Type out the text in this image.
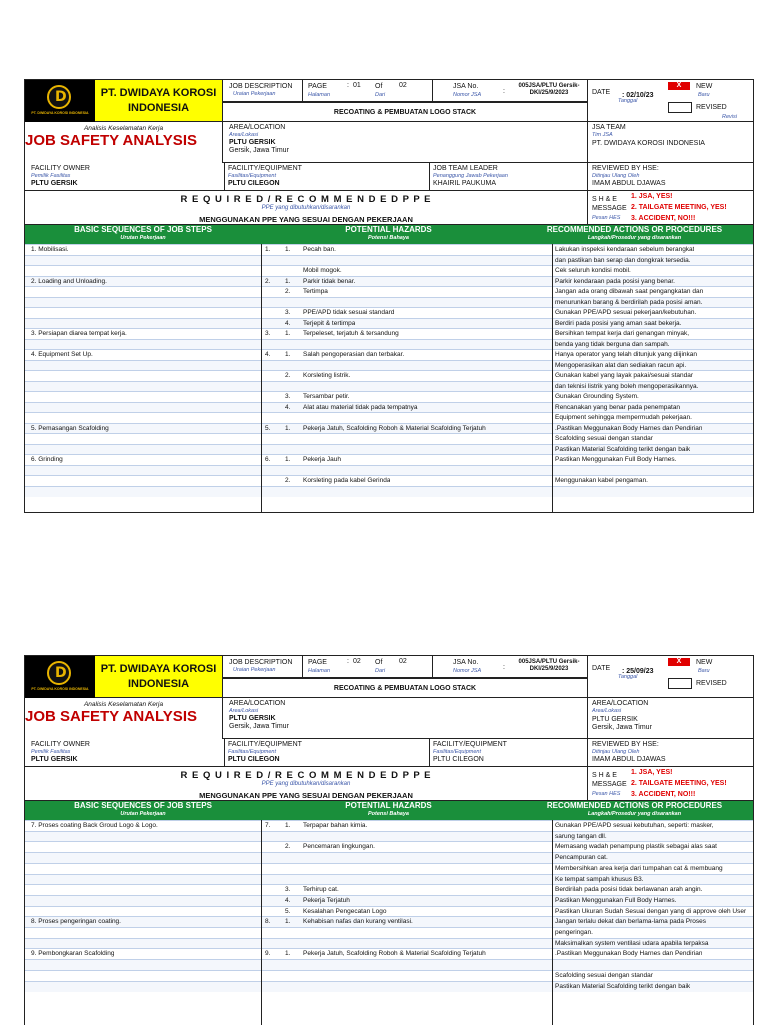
D
PT. DWIDAYA KOROSI INDONESIA
PT. DWIDAYA KOROSI
INDONESIA
JOB SAFETY ANALYSIS
Analisis Keselamatan Kerja
JOB DESCRIPTION
Uraian Pekerjaan
PAGE
Halaman
: 01 Of
Dari
02	JSA No.
Nomor JSA	:
005JSA/PLTU Gersik-DKI/25/9/2023
RECOATING & PEMBUATAN LOGO STACK
DATE
Tanggal
: 02/10/23
X	NEW
Baru
REVISED
Revisi
AREA/LOCATION
Area/Lokasi
PLTU GERSIK
Gersik, Jawa Timur
JSA TEAM
Tim JSA
PT. DWIDAYA KOROSI INDONESIA
FACILITY OWNER
Pemilik Fasilitas
PLTU GERSIK
FACILITY/EQUIPMENT
Fasilitas/Equipment
PLTU CILEGON
JOB TEAM LEADER
Penanggung Jawab Pekerjaan
KHAIRIL PAUKUMA
REVIEWED BY HSE:
Ditinjau Ulang Oleh
IMAM ABDUL DJAWAS
R E Q U I R E D / R E C O M M E N D E D P P E
PPE yang dibutuhkan/disarankan
MENGGUNAKAN PPE YANG SESUAI DENGAN PEKERJAAN
S H & E
MESSAGE
Pesan HES
1. JSA, YES!
2. TAILGATE MEETING, YES!
3. ACCIDENT, NO!!!
BASIC SEQUENCES OF JOB STEPS
Urutan Pekerjaan
POTENTIAL HAZARDS
Potensi Bahaya
RECOMMENDED ACTIONS OR PROCEDURES
Langkah/Prosedur yang disarankan
1. Mobilisasi.	1. 1. Pecah ban.	Lakukan inspeksi kendaraan sebelum berangkat
dan pastikan ban serap dan dongkrak tersedia.
Mobil mogok.	Cek seluruh kondisi mobil.
2. Loading and Unloading.	2. 1. Parkir tidak benar.	Parkir kendaraan pada posisi yang benar.
2. Tertimpa	Jangan ada orang dibawah saat pengangkatan dan
menurunkan barang & berdirilah pada posisi aman.
3. PPE/APD tidak sesuai standard	Gunakan PPE/APD sesuai pekerjaan/kebutuhan.
4. Terjepit & tertimpa	Berdiri pada posisi yang aman saat bekerja.
3. Persiapan diarea tempat kerja.	3. 1. Terpeleset, terjatuh & tersandung	Bersihkan tempat kerja dari genangan minyak,
benda yang tidak berguna dan sampah.
4. Equipment Set Up.	4. 1. Salah pengoperasian dan terbakar.	Hanya operator yang telah ditunjuk yang diijinkan
Mengoperasikan alat dan sediakan racun api.
2. Korsleting listrik.	Gunakan kabel yang layak pakai/sesuai standar
dan teknisi listrik yang boleh mengoperasikannya.
3. Tersambar petir.	Gunakan Grounding System.
4. Alat atau material tidak pada tempatnya	Rencanakan yang benar pada penempatan
Equipment sehingga mempermudah pekerjaan.
5. Pemasangan Scafolding	5. 1. Pekerja Jatuh, Scafolding Roboh & Material Scafolding Terjatuh	.Pastikan Meggunakan Body Harnes dan Pendirian
Scafolding sesuai dengan standar
Pastikan Material Scafolding terikt dengan baik
6. Grinding	6. 1. Pekerja Jauh	Pastikan Menggunakan Full Body Harnes.
2. Korsleting pada kabel Gerinda	Menggunakan kabel pengaman.
D
PT. DWIDAYA KOROSI INDONESIA
PT. DWIDAYA KOROSI
INDONESIA
JOB SAFETY ANALYSIS
Analisis Keselamatan Kerja
JOB DESCRIPTION
Uraian Pekerjaan
PAGE
Halaman
: 02 Of
Dari
02	JSA No.
Nomor JSA	:
005JSA/PLTU Gersik-DKI/25/9/2023
RECOATING & PEMBUATAN LOGO STACK
DATE
Tanggal
: 25/09/23
X	NEW
Baru
REVISED
AREA/LOCATION
Area/Lokasi
PLTU GERSIK
Gersik, Jawa Timur
AREA/LOCATION
Area/Lokasi
PLTU GERSIK
Gersik, Jawa Timur
FACILITY OWNER
Pemilik Fasilitas
PLTU GERSIK
FACILITY/EQUIPMENT
Fasilitas/Equipment
PLTU CILEGON
FACILITY/EQUIPMENT
Fasilitas/Equipment
PLTU CILEGON
REVIEWED BY HSE:
Ditinjau Ulang Oleh
IMAM ABDUL DJAWAS
R E Q U I R E D / R E C O M M E N D E D P P E
PPE yang dibutuhkan/disarankan
MENGGUNAKAN PPE YANG SESUAI DENGAN PEKERJAAN
S H & E
MESSAGE
Pesan HES
1. JSA, YES!
2. TAILGATE MEETING, YES!
3. ACCIDENT, NO!!!
BASIC SEQUENCES OF JOB STEPS
Urutan Pekerjaan
POTENTIAL HAZARDS
Potensi Bahaya
RECOMMENDED ACTIONS OR PROCEDURES
Langkah/Prosedur yang disarankan
7. Proses coating Back Groud Logo & Logo.	7. 1. Terpapar bahan kimia.	Gunakan PPE/APD sesuai kebutuhan, seperti: masker,
sarung tangan dll.
2. Pencemaran lingkungan.	Memasang wadah penampung plastik sebagai alas saat
Pencampuran cat.
Membersihkan area kerja dari tumpahan cat & membuang
Ke tempat sampah khusus B3.
3. Terhirup cat.	Berdirilah pada posisi tidak berlawanan arah angin.
4. Pekerja Terjatuh	Pastikan Menggunakan Full Body Harnes.
5. Kesalahan Pengecatan Logo	Pastikan Ukuran Sudah Sesuai dengan yang di approve oleh User
8. Proses pengeringan coating.	8. 1. Kehabisan nafas dan kurang ventilasi.	Jangan terlalu dekat dan berlama-lama pada Proses
pengeringan.
Maksimalkan system ventilasi udara apabila terpaksa
9. Pembongkaran Scafolding	9. 1. Pekerja Jatuh, Scafolding Roboh & Material Scafolding Terjatuh	.Pastikan Meggunakan Body Harnes dan Pendirian
Scafolding sesuai dengan standar
Pastikan Material Scafolding terikt dengan baik
